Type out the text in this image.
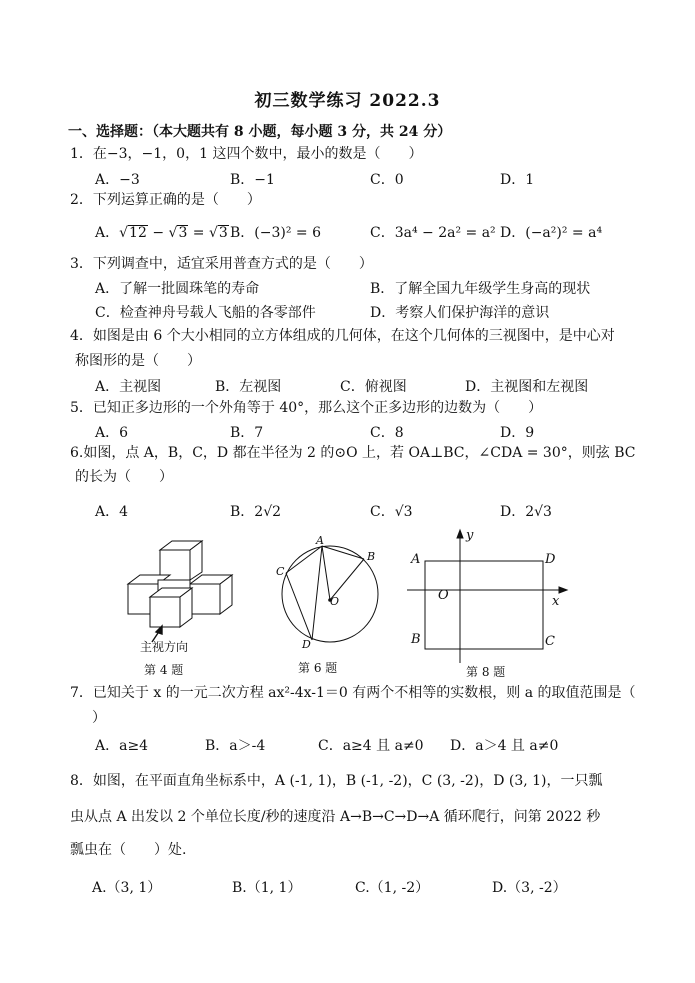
初三数学练习 2022.3
一、选择题：（本大题共有 8 小题，每小题 3 分，共 24 分）
1．在−3，−1，0，1 这四个数中，最小的数是（　　）
A．−3	B．−1	C．0	D．1
2．下列运算正确的是（　　）
A．√12 − √3 = √3 B．(−3)² = 6	C．3a⁴ − 2a² = a² D．(−a²)² = a⁴
3．下列调查中，适宜采用普查方式的是（　　）
A．了解一批圆珠笔的寿命	B．了解全国九年级学生身高的现状
C．检查神舟号载人飞船的各零部件	D．考察人们保护海洋的意识
4．如图是由 6 个大小相同的立方体组成的几何体，在这个几何体的三视图中，是中心对
称图形的是（　　）
A．主视图	B．左视图	C．俯视图	D．主视图和左视图
5．已知正多边形的一个外角等于 40°，那么这个正多边形的边数为（　　）
A．6	B．7	C．8	D．9
6.如图，点 A，B，C，D 都在半径为 2 的⊙O 上，若 OA⊥BC，∠CDA = 30°，则弦 BC
的长为（　　）
A．4	B．2√2	C．√3	D．2√3
主视方向
第 4 题	第 6 题	第 8 题
A
B
C
D
O
A	D
B	C
O	x
y
7．已知关于 x 的一元二次方程 ax²-4x-1＝0 有两个不相等的实数根，则 a 的取值范围是（
）
A．a≥4	B．a＞-4	C．a≥4 且 a≠0 D．a＞4 且 a≠0
8．如图，在平面直角坐标系中，A (-1, 1)，B (-1, -2)，C (3, -2)，D (3, 1)，一只瓢
虫从点 A 出发以 2 个单位长度/秒的速度沿 A→B→C→D→A 循环爬行，问第 2022 秒
瓢虫在（　　）处.
A.（3, 1）	B.（1, 1）	C.（1, -2）	D.（3, -2）
